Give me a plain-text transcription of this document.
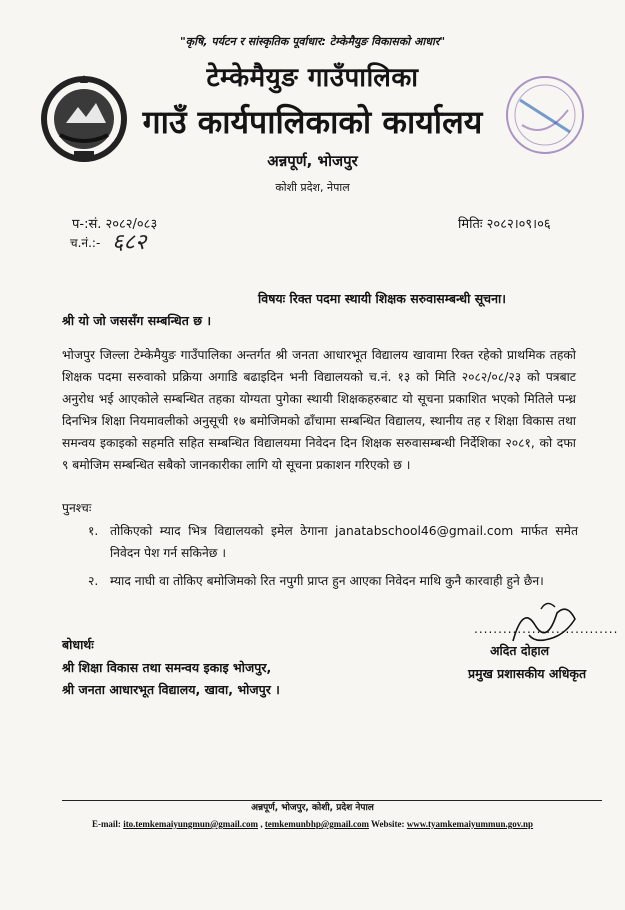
"कृषि, पर्यटन र सांस्कृतिक पूर्वाधार: टेम्केमैयुङ विकासको आधार"
टेम्केमैयुङ गाउँपालिका
गाउँ कार्यपालिकाको कार्यालय
अन्नपूर्ण, भोजपुर
कोशी प्रदेश, नेपाल
प-:सं. २०८२/०८३	मितिः २०८२।०९।०६
च.नं.:- ६८२
विषयः रिक्त पदमा स्थायी शिक्षक सरुवासम्बन्धी सूचना।
श्री यो जो जससँग सम्बन्धित छ ।
भोजपुर जिल्ला टेम्केमैयुङ गाउँपालिका अन्तर्गत श्री जनता आधारभूत विद्यालय खावामा रिक्त रहेको प्राथमिक तहको शिक्षक पदमा सरुवाको प्रक्रिया अगाडि बढाइदिन भनी विद्यालयको च.नं. १३ को मिति २०८२/०८/२३ को पत्रबाट अनुरोध भई आएकोले सम्बन्धित तहका योग्यता पुगेका स्थायी शिक्षकहरुबाट यो सूचना प्रकाशित भएको मितिले पन्ध्र दिनभित्र शिक्षा नियमावलीको अनुसूची १७ बमोजिमको ढाँचामा सम्बन्धित विद्यालय, स्थानीय तह र शिक्षा विकास तथा समन्वय इकाइको सहमति सहित सम्बन्धित विद्यालयमा निवेदन दिन शिक्षक सरुवासम्बन्धी निर्देशिका २०८१, को दफा ९ बमोजिम सम्बन्धित सबैको जानकारीका लागि यो सूचना प्रकाशन गरिएको छ ।
पुनश्चः
१. तोकिएको म्याद भित्र विद्यालयको इमेल ठेगाना janatabschool46@gmail.com मार्फत समेत निवेदन पेश गर्न सकिनेछ ।
२. म्याद नाघी वा तोकिए बमोजिमको रित नपुगी प्राप्त हुन आएका निवेदन माथि कुनै कारवाही हुने छैन।
बोधार्थः
श्री शिक्षा विकास तथा समन्वय इकाइ भोजपुर,
श्री जनता आधारभूत विद्यालय, खावा, भोजपुर ।
..............................
अदित दोहाल
प्रमुख प्रशासकीय अधिकृत
अन्नपूर्ण, भोजपुर, कोशी, प्रदेश नेपाल
E-mail: ito.temkemaiyungmun@gmail.com , temkemunbhp@gmail.com Website: www.tyamkemaiyummun.gov.np
